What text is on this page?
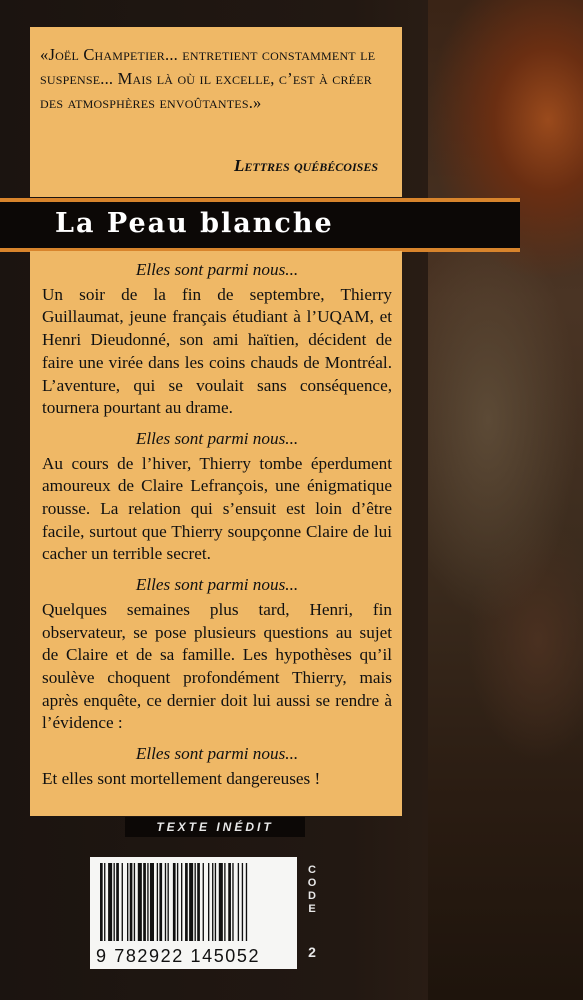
«Joël Champetier... entretient constamment le suspense... Mais là où il excelle, c’est à créer des atmosphères envoûtantes.»
Lettres québécoises
La Peau blanche

Elles sont parmi nous...

Un soir de la fin de septembre, Thierry Guillaumat, jeune français étudiant à l’UQAM, et Henri Dieudonné, son ami haïtien, décident de faire une virée dans les coins chauds de Montréal. L’aventure, qui se voulait sans conséquence, tournera pourtant au drame.

Elles sont parmi nous...

Au cours de l’hiver, Thierry tombe éperdument amoureux de Claire Lefrançois, une énigmatique rousse. La relation qui s’ensuit est loin d’être facile, surtout que Thierry soupçonne Claire de lui cacher un terrible secret.

Elles sont parmi nous...

Quelques semaines plus tard, Henri, fin observateur, se pose plusieurs questions au sujet de Claire et de sa famille. Les hypothèses qu’il soulève choquent profondément Thierry, mais après enquête, ce dernier doit lui aussi se rendre à l’évidence :

Elles sont parmi nous...

Et elles sont mortellement dangereuses !

TEXTE INÉDIT
9 782922 145052
C
O
D
E
2
